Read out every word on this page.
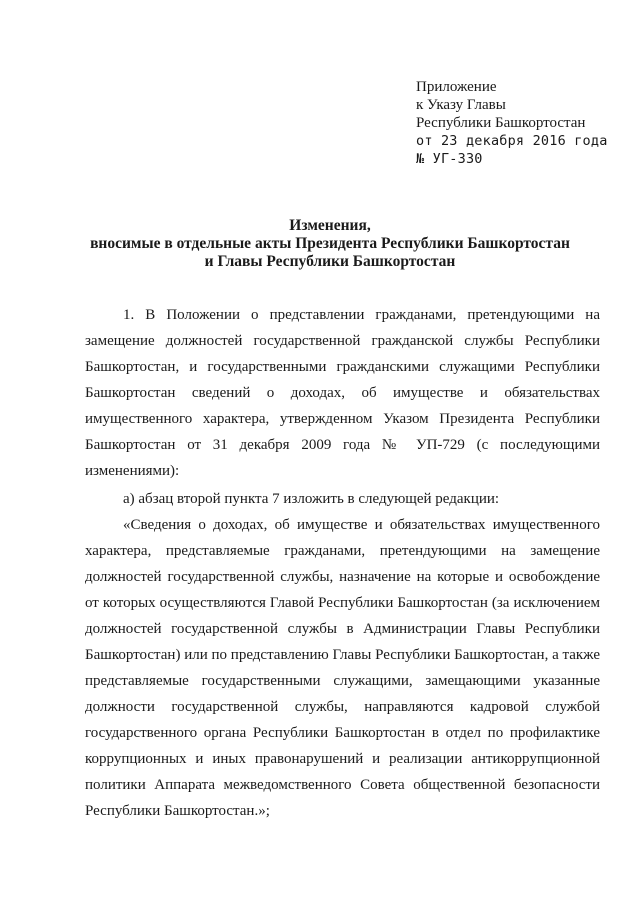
Приложение
к Указу Главы
Республики Башкортостан
от 23 декабря 2016 года
№ УГ-330
Изменения,
вносимые в отдельные акты Президента Республики Башкортостан
и Главы Республики Башкортостан
1. В Положении о представлении гражданами, претендующими на замещение должностей государственной гражданской службы Республики Башкортостан, и государственными гражданскими служащими Республики Башкортостан сведений о доходах, об имуществе и обязательствах имущественного характера, утвержденном Указом Президента Республики Башкортостан от 31 декабря 2009 года № УП-729 (с последующими изменениями):
а) абзац второй пункта 7 изложить в следующей редакции:
«Сведения о доходах, об имуществе и обязательствах имущественного характера, представляемые гражданами, претендующими на замещение должностей государственной службы, назначение на которые и освобождение от которых осуществляются Главой Республики Башкортостан (за исключением должностей государственной службы в Администрации Главы Республики Башкортостан) или по представлению Главы Республики Башкортостан, а также представляемые государственными служащими, замещающими указанные должности государственной службы, направляются кадровой службой государственного органа Республики Башкортостан в отдел по профилактике коррупционных и иных правонарушений и реализации антикоррупционной политики Аппарата межведомственного Совета общественной безопасности Республики Башкортостан.»;
